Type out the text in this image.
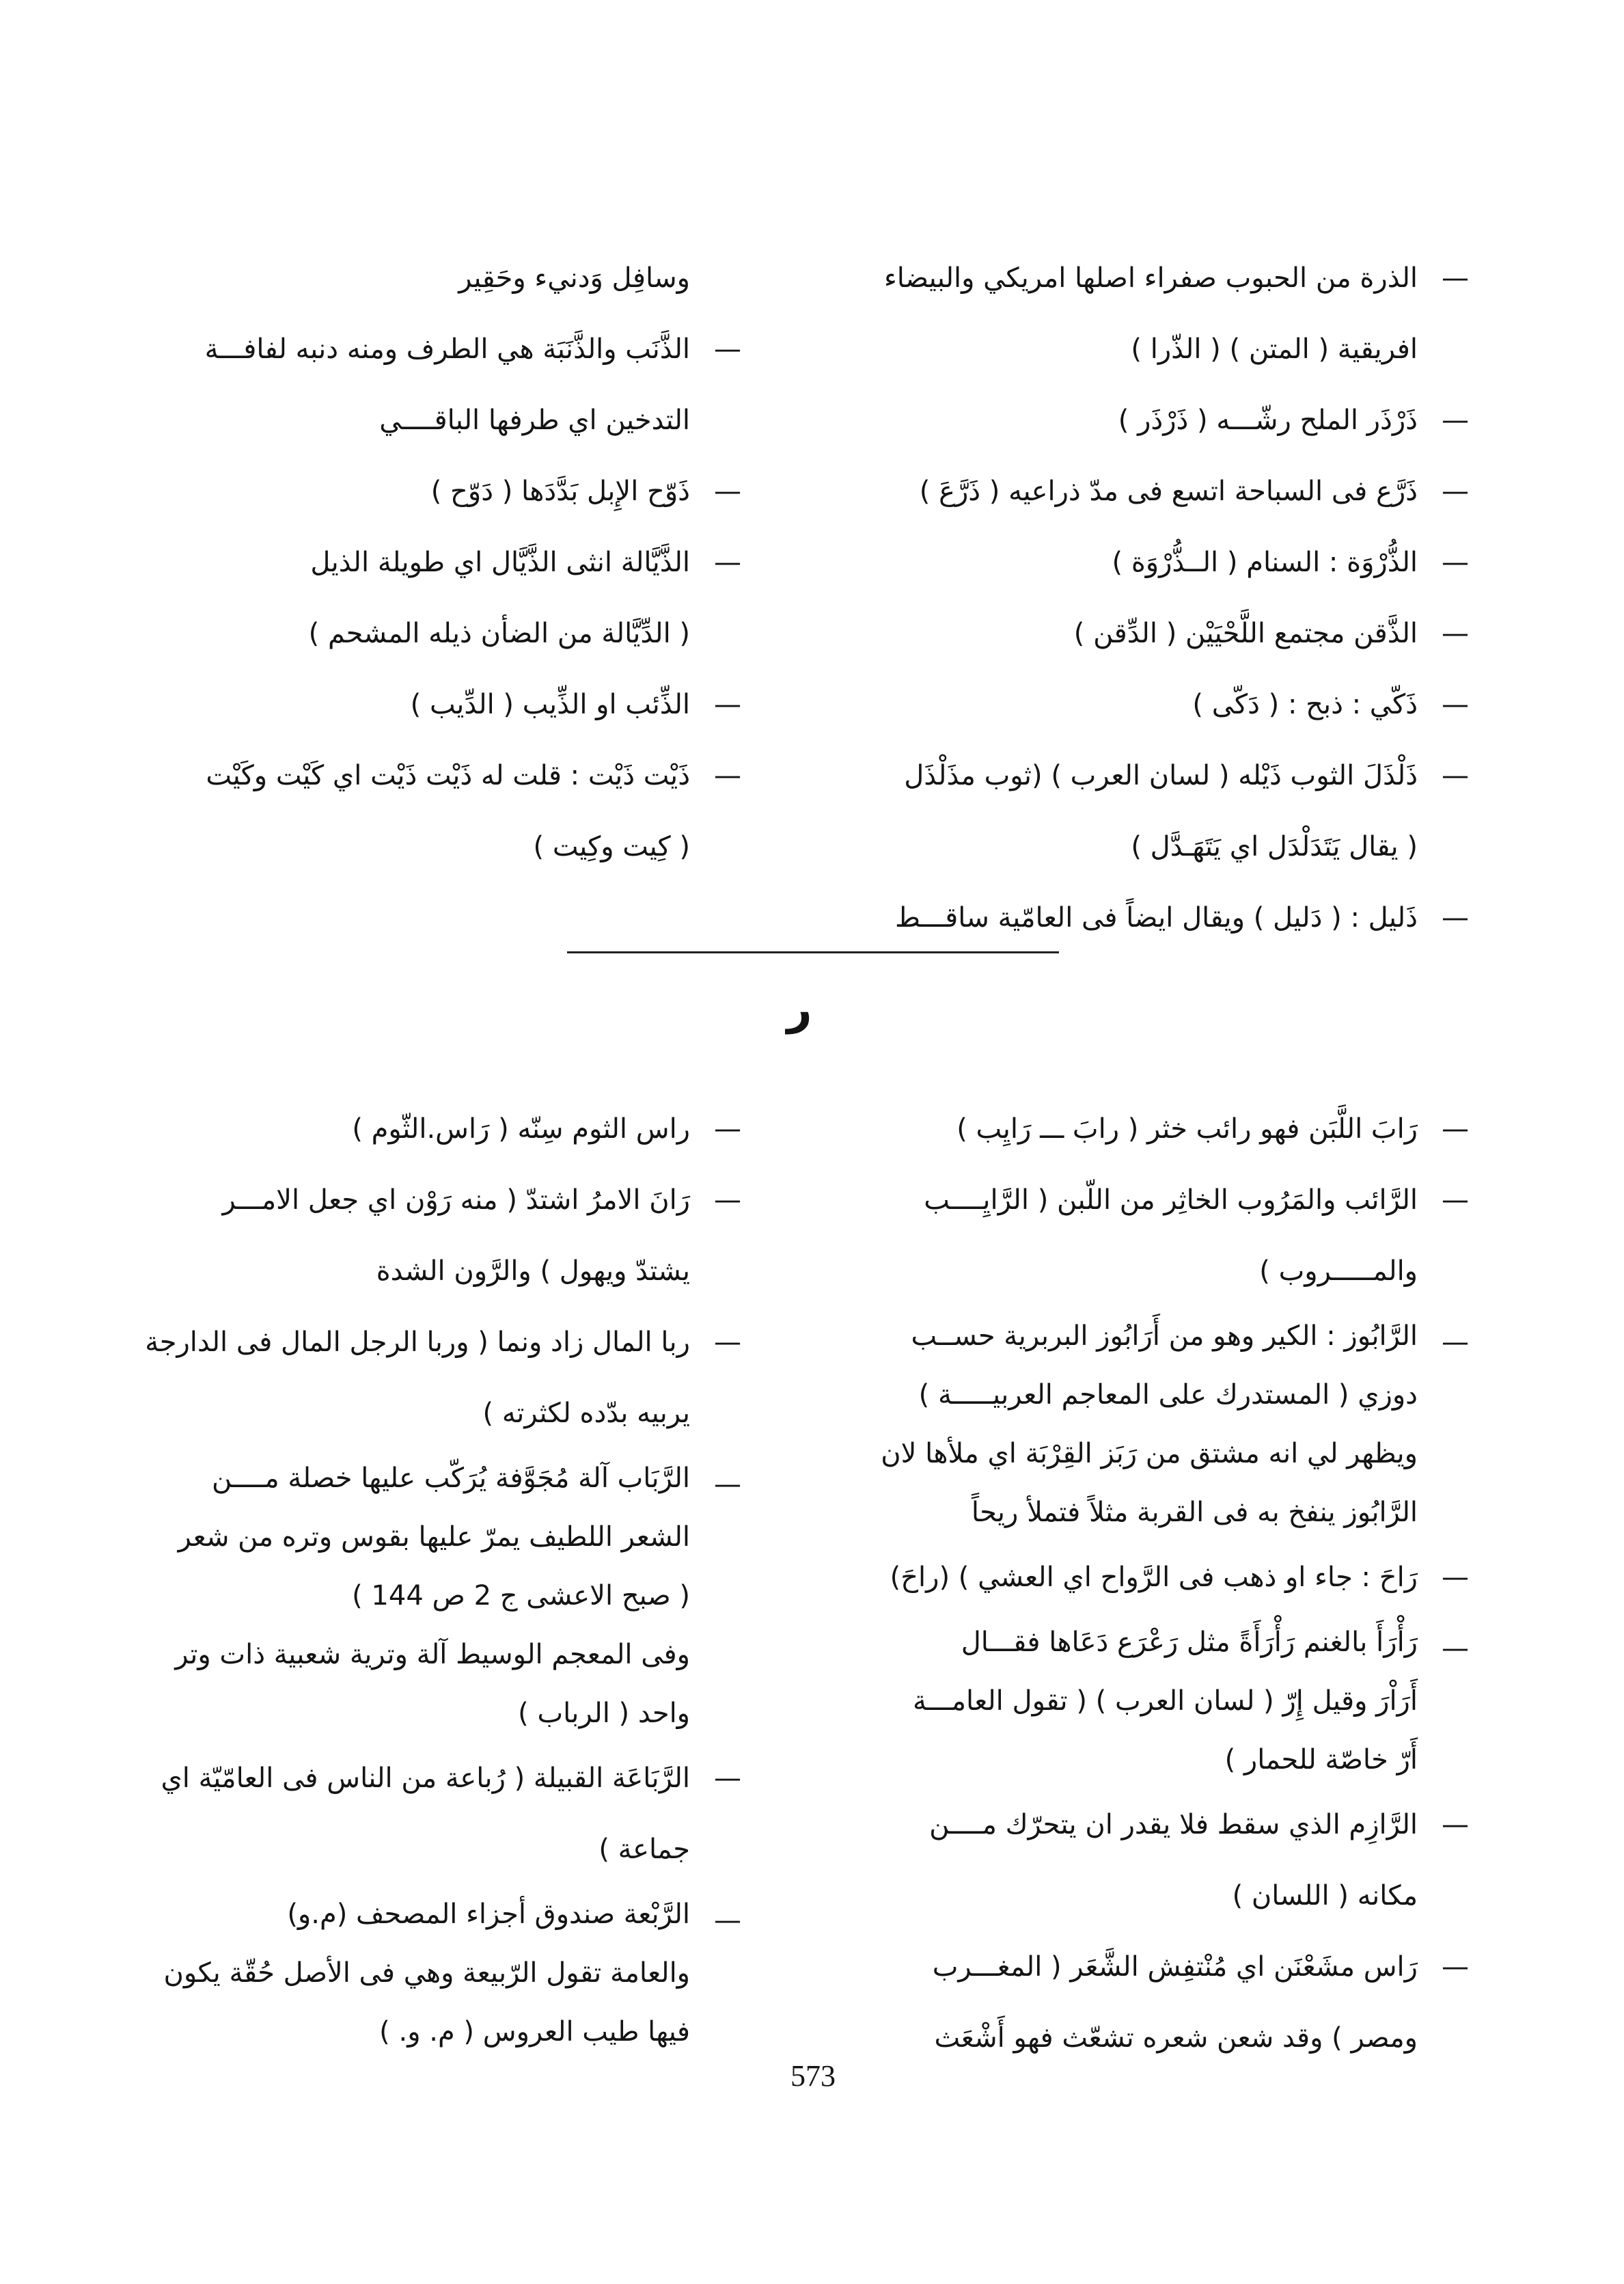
—
الذرة من الحبوب صفراء اصلها امريكي والبيضاء
افريقية ( المتن ) ( الذّرا )
—
ذَرْذَر الملح رشّـــه ( ذَرْذَر )
—
ذَرَّع فى السباحة اتسع فى مدّ ذراعيه ( ذَرَّعَ )
—
الذُّرْوَة : السنام ( الــذُّرْوَة )
—
الذَّقن مجتمع اللَّحْيَيْن ( الدِّقن )
—
ذَكّي : ذبح : ( دَكّى )
—
ذَلْذَلَ الثوب ذَيْله ( لسان العرب ) (ثوب مذَلْذَل
( يقال يَتَدَلْدَل اي يَتَهَـدَّل )
—
ذَليل : ( دَليل ) ويقال ايضاً فى العامّية ساقـــط
وسافِل وَدنيء وحَقِير
—
الذَّنَب والذَّنَبَة هي الطرف ومنه دنبه لفافـــة
التدخين اي طرفها الباقــــي
—
ذَوّح الإِبل بَدَّدَها ( دَوّح )
—
الذَّيَّالة انثى الذَّيَّال اي طويلة الذيل
( الدِّيَّالة من الضأن ذيله المشحم )
—
الذِّئب او الذِّيب ( الدِّيب )
—
ذَيْت ذَيْت : قلت له ذَيْت ذَيْت اي كَيْت وكَيْت
( كِيت وكِيت )
ر
—
رَابَ اللَّبَن فهو رائب خثر ( رابَ ـــ رَايِب )
—
الرَّائب والمَرُوب الخاثِر من اللّبن ( الرَّايِــــب
والمـــــروب )
—
الرَّابُوز : الكير وهو من أَرَابُوز البربرية حســب
دوزي ( المستدرك على المعاجم العربيـــــة )
ويظهر لي انه مشتق من رَبَز القِرْبَة اي ملأها لان
الرَّابُوز ينفخ به فى القربة مثلاً فتملأ ريحاً
—
رَاحَ : جاء او ذهب فى الرَّواح اي العشي ) (راحَ)
—
رَأْرَأَ بالغنم رَأْرَأَةً مثل رَعْرَع دَعَاها فقـــال
أَرَاْرَ وقيل إِرّ ( لسان العرب ) ( تقول العامـــة
أَرّ خاصّة للحمار )
—
الرَّازِم الذي سقط فلا يقدر ان يتحرّك مــــن
مكانه ( اللسان )
—
رَاس مشَعْنَن اي مُنْتفِش الشَّعَر ( المغـــرب
ومصر ) وقد شعن شعره تشعّث فهو أَشْعَث
—
راس الثوم سِنّه ( رَاس.الثّوم )
—
رَانَ الامرُ اشتدّ ( منه رَوْن اي جعل الامـــر
يشتدّ ويهول ) والرَّون الشدة
—
ربا المال زاد ونما ( وربا الرجل المال فى الدارجة
يربيه بدّده لكثرته )
—
الرَّبَاب آلة مُجَوَّفة يُرَكّب عليها خصلة مــــن
الشعر اللطيف يمرّ عليها بقوس وتره من شعر
( صبح الاعشى ج 2 ص 144 )
وفى المعجم الوسيط آلة وترية شعبية ذات وتر
واحد ( الرباب )
—
الرَّبَاعَة القبيلة ( رُباعة من الناس فى العامّيّة اي
جماعة )
—
الرَّبْعة صندوق أجزاء المصحف (م.و)
والعامة تقول الرّبيعة وهي فى الأصل حُقّة يكون
فيها طيب العروس ( م. و. )
573
